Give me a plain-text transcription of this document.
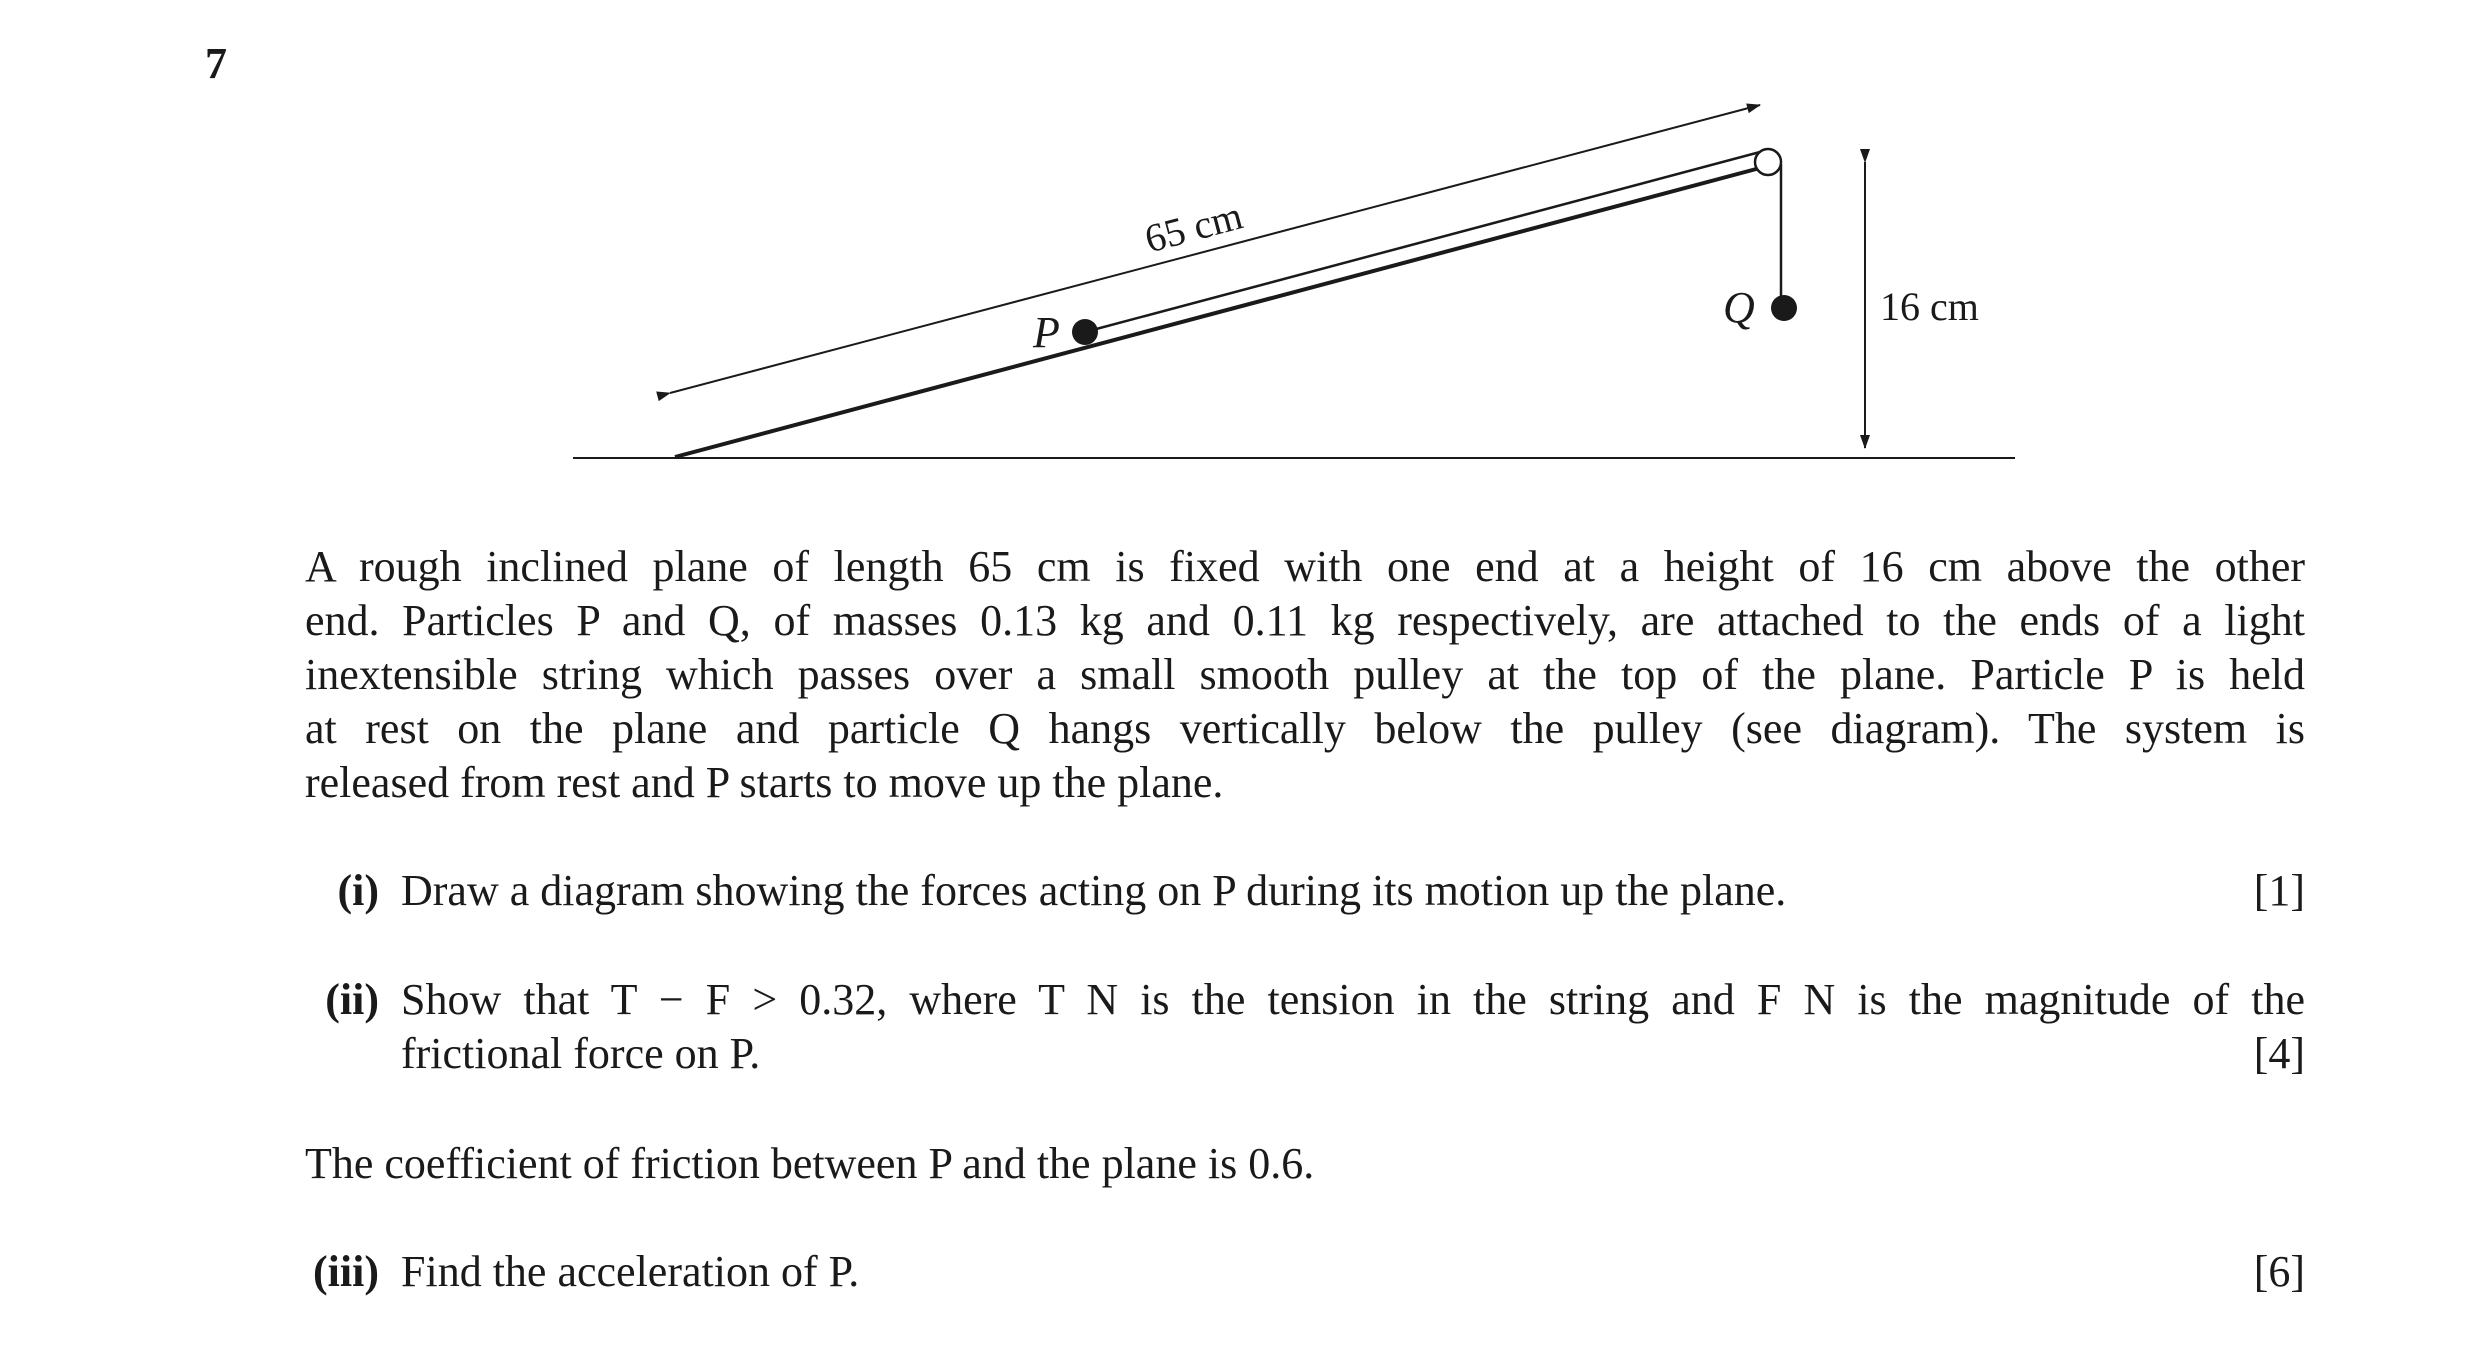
7
65 cm
Q
P
16 cm
A rough inclined plane of length 65 cm is fixed with one end at a height of 16 cm above the other
end. Particles P and Q, of masses 0.13 kg and 0.11 kg respectively, are attached to the ends of a light
inextensible string which passes over a small smooth pulley at the top of the plane. Particle P is held
at rest on the plane and particle Q hangs vertically below the pulley (see diagram). The system is
released from rest and P starts to move up the plane.
(i) Draw a diagram showing the forces acting on P during its motion up the plane.	[1]
(ii) Show that T − F > 0.32, where T N is the tension in the string and F N is the magnitude of the
frictional force on P.	[4]
The coefficient of friction between P and the plane is 0.6.
(iii) Find the acceleration of P.	[6]
